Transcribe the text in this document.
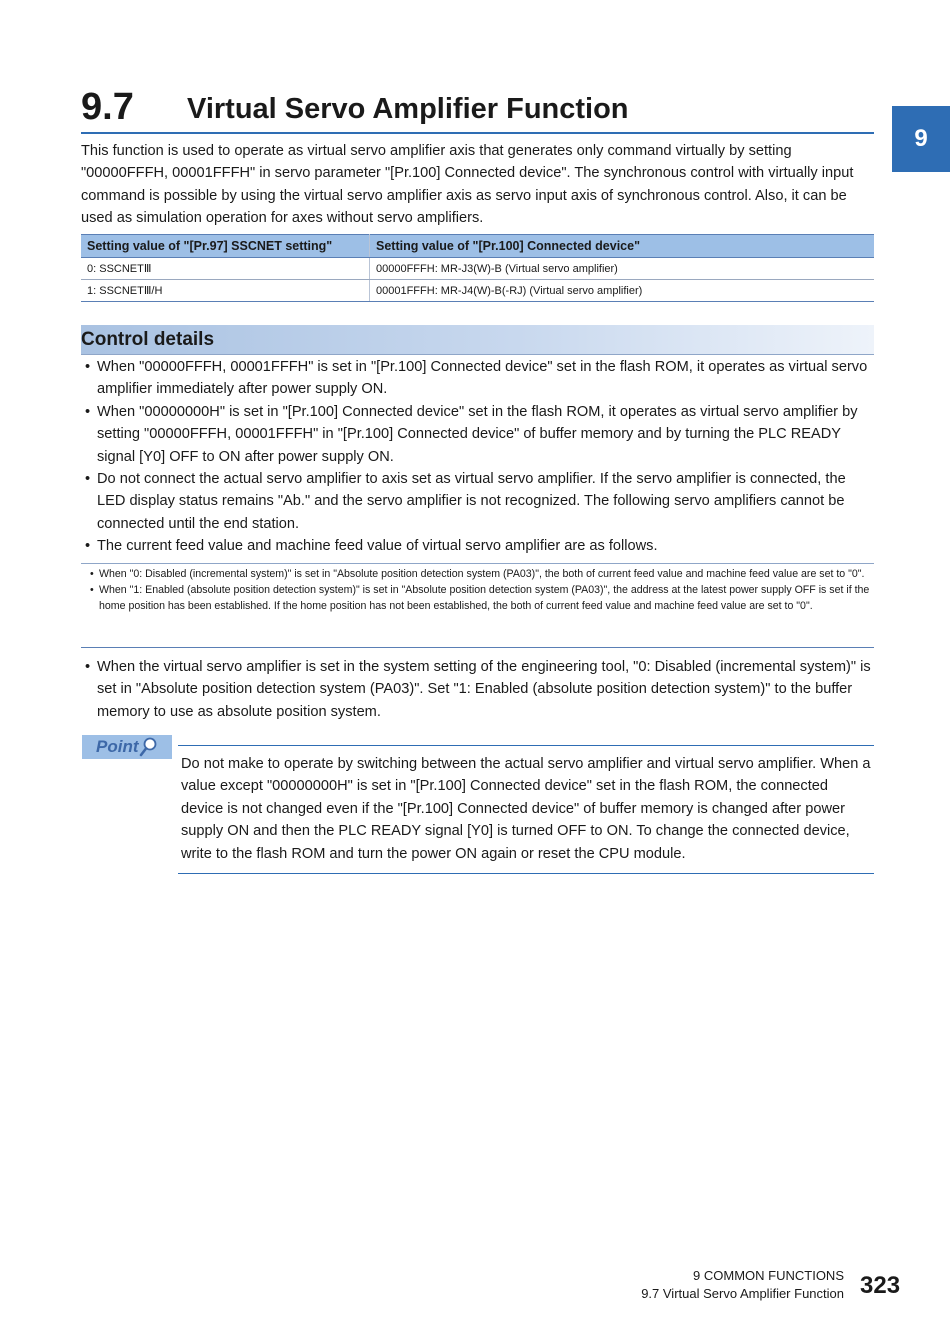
9
9.7 Virtual Servo Amplifier Function

This function is used to operate as virtual servo amplifier axis that generates only command virtually by setting "00000FFFH, 00001FFFH" in servo parameter "[Pr.100] Connected device". The synchronous control with virtually input command is possible by using the virtual servo amplifier axis as servo input axis of synchronous control. Also, it can be used as simulation operation for axes without servo amplifiers.

Setting value of "[Pr.97] SSCNET setting"	Setting value of "[Pr.100] Connected device"
0: SSCNETⅢ	00000FFFH: MR-J3(W)-B (Virtual servo amplifier)
1: SSCNETⅢ/H	00001FFFH: MR-J4(W)-B(-RJ) (Virtual servo amplifier)
Control details
• When "00000FFFH, 00001FFFH" is set in "[Pr.100] Connected device" set in the flash ROM, it operates as virtual servo amplifier immediately after power supply ON.
• When "00000000H" is set in "[Pr.100] Connected device" set in the flash ROM, it operates as virtual servo amplifier by setting "00000FFFH, 00001FFFH" in "[Pr.100] Connected device" of buffer memory and by turning the PLC READY signal [Y0] OFF to ON after power supply ON.
• Do not connect the actual servo amplifier to axis set as virtual servo amplifier. If the servo amplifier is connected, the LED display status remains "Ab." and the servo amplifier is not recognized. The following servo amplifiers cannot be connected until the end station.
• The current feed value and machine feed value of virtual servo amplifier are as follows.
• When "0: Disabled (incremental system)" is set in "Absolute position detection system (PA03)", the both of current feed value and machine feed value are set to "0".
• When "1: Enabled (absolute position detection system)" is set in "Absolute position detection system (PA03)", the address at the latest power supply OFF is set if the home position has been established. If the home position has not been established, the both of current feed value and machine feed value are set to "0".
• When the virtual servo amplifier is set in the system setting of the engineering tool, "0: Disabled (incremental system)" is set in "Absolute position detection system (PA03)". Set "1: Enabled (absolute position detection system)" to the buffer memory to use as absolute position system.
Point

Do not make to operate by switching between the actual servo amplifier and virtual servo amplifier. When a value except "00000000H" is set in "[Pr.100] Connected device" set in the flash ROM, the connected device is not changed even if the "[Pr.100] Connected device" of buffer memory is changed after power supply ON and then the PLC READY signal [Y0] is turned OFF to ON. To change the connected device, write to the flash ROM and turn the power ON again or reset the CPU module.

9 COMMON FUNCTIONS
9.7 Virtual Servo Amplifier Function 323
